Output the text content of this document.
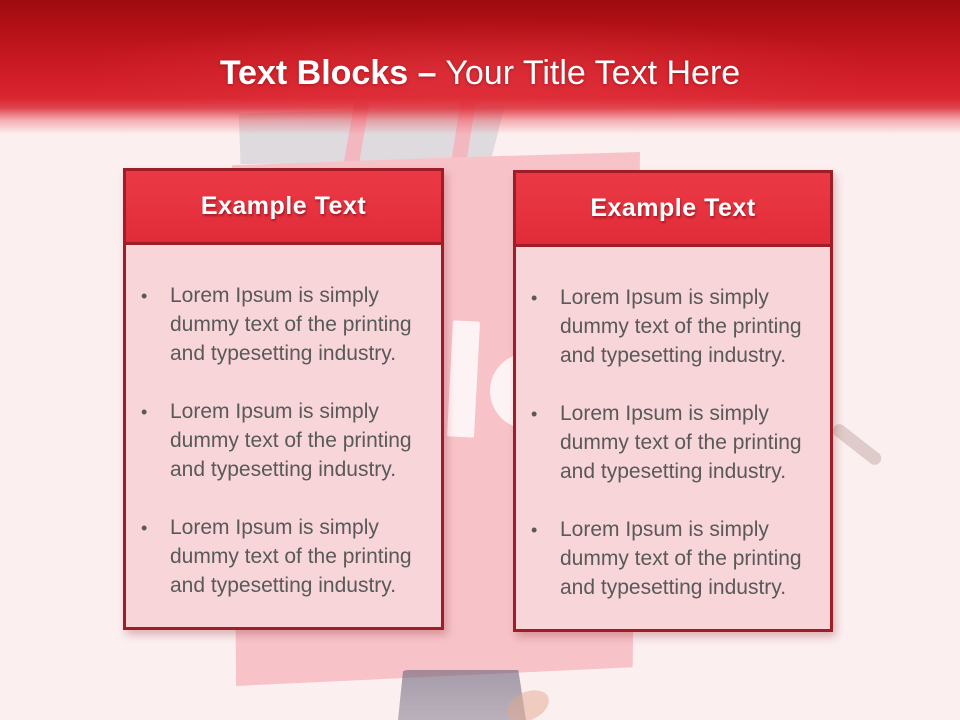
Example Text
•	Lorem Ipsum is simply dummy text of the printing and typesetting industry.
•	Lorem Ipsum is simply dummy text of the printing and typesetting industry.
•	Lorem Ipsum is simply dummy text of the printing and typesetting industry.
Example Text
•	Lorem Ipsum is simply dummy text of the printing and typesetting industry.
•	Lorem Ipsum is simply dummy text of the printing and typesetting industry.
•	Lorem Ipsum is simply dummy text of the printing and typesetting industry.
Text Blocks – Your Title Text Here
